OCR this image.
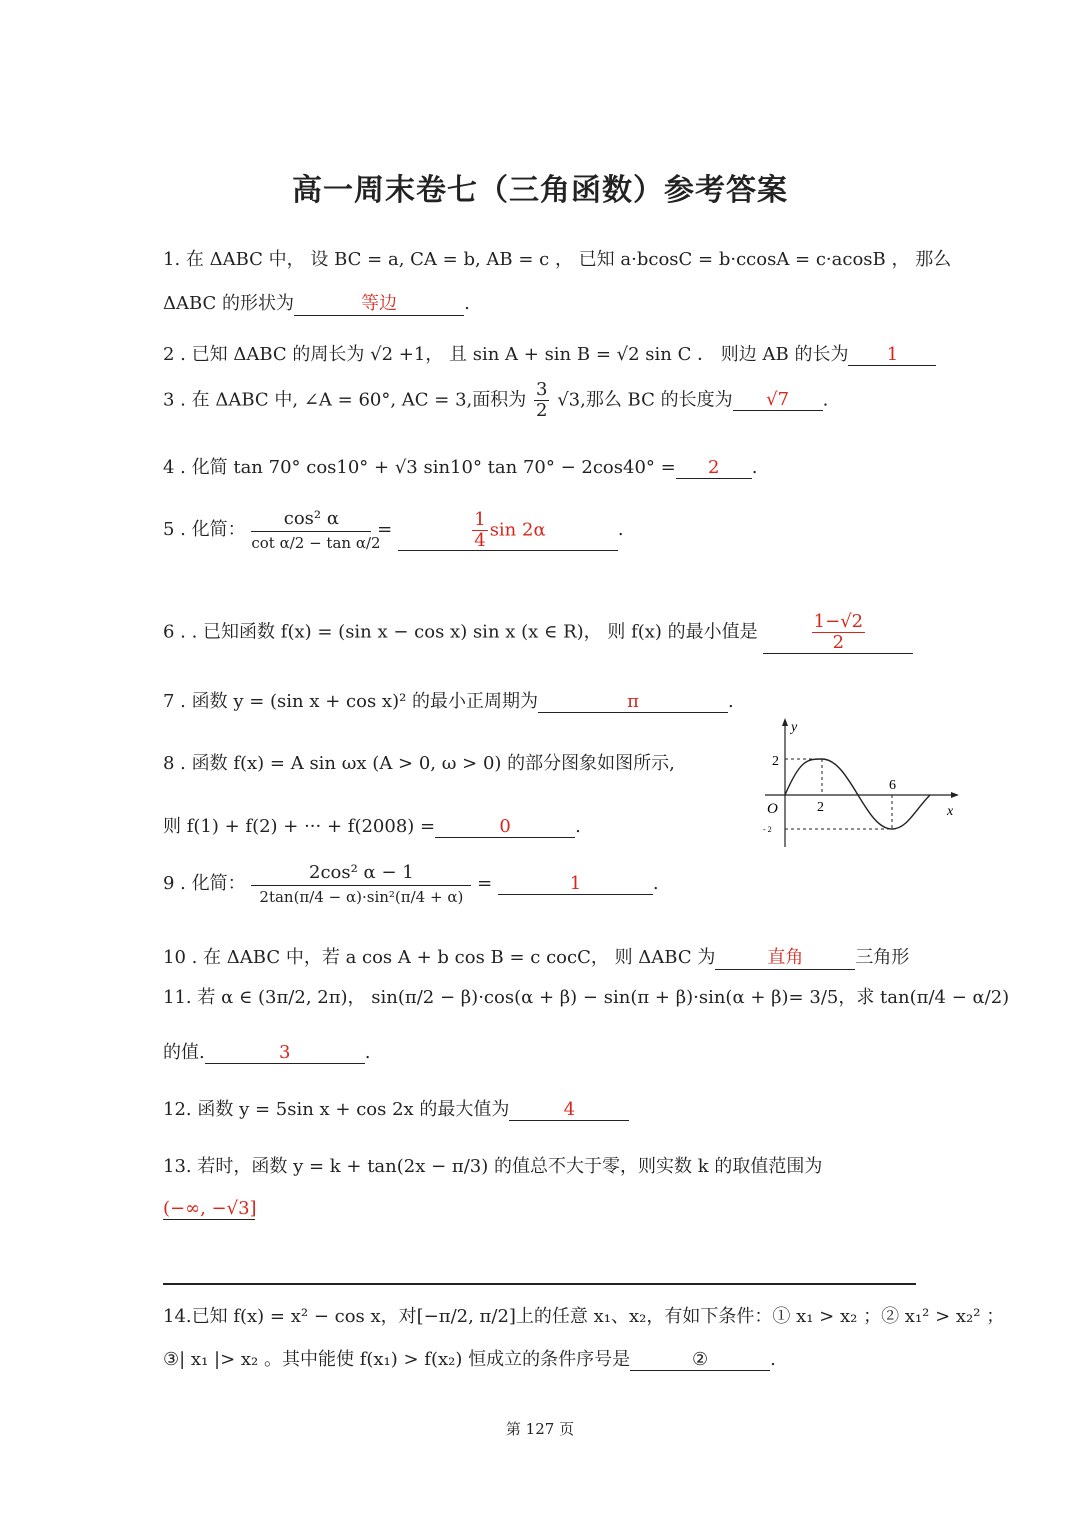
高一周末卷七（三角函数）参考答案
1. 在 ΔABC 中， 设 BC = a, CA = b, AB = c ， 已知 a·bcosC = b·ccosA = c·acosB ， 那么
ΔABC 的形状为	等边	.
2 . 已知 ΔABC 的周长为 √2 +1， 且 sin A + sin B = √2 sin C ． 则边 AB 的长为 1
3 . 在 ΔABC 中, ∠A = 60°, AC = 3,面积为 $\frac{3}{2} √3$,那么 BC 的长度为 √7 .
4 . 化简 tan 70° cos10° + √3 sin10° tan 70° − 2cos40° = 2 .
5 . 化简： $\frac{\text{cos² α}}{\text{cot α/2 − tan α/2}}$ =	$\frac{1}{4}$ sin 2α	.
6 . . 已知函数 f(x) = (sin x − cos x) sin x (x ∈ R)， 则 f(x) 的最小值是	$\frac{1-√2}{2}$
7 . 函数 y = (sin x + cos x)² 的最小正周期为	π	.
8 . 函数 f(x) = A sin ωx (A > 0, ω > 0) 的部分图象如图所示,
则 f(1) + f(2) + ··· + f(2008) =	0	.
y
x
O
2
- 2
2
6
9 . 化简： $\frac{\text{2cos² α − 1}}{\text{2tan(π/4 − α)·sin²(π/4 + α)}}$ =	1	.
10 . 在 ΔABC 中，若 a cos A + b cos B = c cocC， 则 ΔABC 为	直角	三角形
11. 若 α ∈ (3π/2, 2π)， sin(π/2 − β)·cos(α + β) − sin(π + β)·sin(α + β)= 3/5，求 tan(π/4 − α/2)
的值.	3	.
12. 函数 y = 5sin x + cos 2x 的最大值为	4
13. 若时，函数 y = k + tan(2x − π/3) 的值总不大于零，则实数 k 的取值范围为
(−∞, −√3]
14.已知 f(x) = x² − cos x，对[−π/2, π/2]上的任意 x₁、x₂，有如下条件：① x₁ > x₂ ；② x₁² > x₂² ；
③| x₁ |> x₂ 。其中能使 f(x₁) > f(x₂) 恒成立的条件序号是	②	.
第 127 页
